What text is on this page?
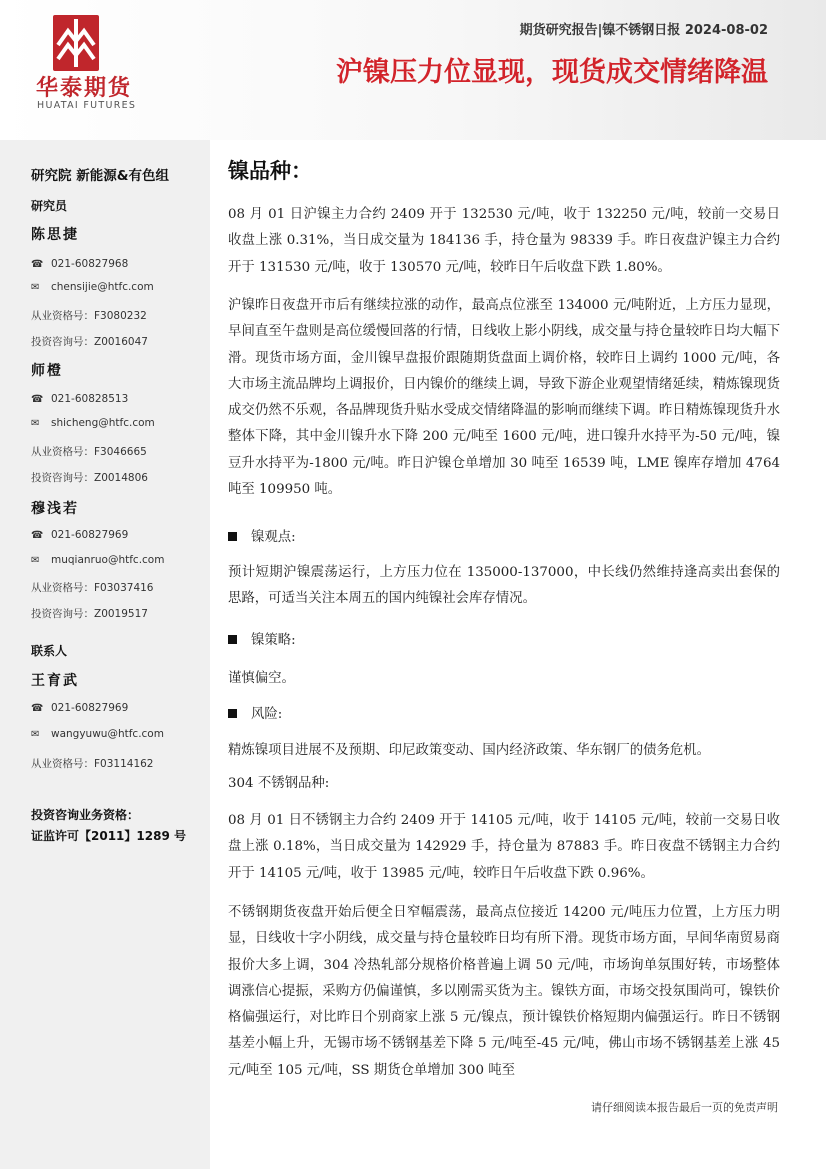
华泰期货
HUATAI FUTURES
期货研究报告|镍不锈钢日报 2024-08-02
沪镍压力位显现，现货成交情绪降温
研究院 新能源&有色组
研究员
陈思捷
☎ 021-60827968
✉ chensijie@htfc.com
从业资格号：F3080232
投资咨询号：Z0016047
师橙
☎ 021-60828513
✉ shicheng@htfc.com
从业资格号：F3046665
投资咨询号：Z0014806
穆浅若
☎ 021-60827969
✉ muqianruo@htfc.com
从业资格号：F03037416
投资咨询号：Z0019517
联系人
王育武
☎ 021-60827969
✉ wangyuwu@htfc.com
从业资格号：F03114162
投资咨询业务资格：
证监许可【2011】1289 号
镍品种：
08 月 01 日沪镍主力合约 2409 开于 132530 元/吨，收于 132250 元/吨，较前一交易日收盘上涨 0.31%，当日成交量为 184136 手，持仓量为 98339 手。昨日夜盘沪镍主力合约开于 131530 元/吨，收于 130570 元/吨，较昨日午后收盘下跌 1.80%。
沪镍昨日夜盘开市后有继续拉涨的动作，最高点位涨至 134000 元/吨附近，上方压力显现，早间直至午盘则是高位缓慢回落的行情，日线收上影小阴线，成交量与持仓量较昨日均大幅下滑。现货市场方面，金川镍早盘报价跟随期货盘面上调价格，较昨日上调约 1000 元/吨，各大市场主流品牌均上调报价，日内镍价的继续上调，导致下游企业观望情绪延续，精炼镍现货成交仍然不乐观，各品牌现货升贴水受成交情绪降温的影响而继续下调。昨日精炼镍现货升水整体下降，其中金川镍升水下降 200 元/吨至 1600 元/吨，进口镍升水持平为-50 元/吨，镍豆升水持平为-1800 元/吨。昨日沪镍仓单增加 30 吨至 16539 吨，LME 镍库存增加 4764 吨至 109950 吨。
镍观点:
预计短期沪镍震荡运行，上方压力位在 135000-137000，中长线仍然维持逢高卖出套保的思路，可适当关注本周五的国内纯镍社会库存情况。
镍策略:
谨慎偏空。
风险:
精炼镍项目进展不及预期、印尼政策变动、国内经济政策、华东钢厂的债务危机。
304 不锈钢品种:
08 月 01 日不锈钢主力合约 2409 开于 14105 元/吨，收于 14105 元/吨，较前一交易日收盘上涨 0.18%，当日成交量为 142929 手，持仓量为 87883 手。昨日夜盘不锈钢主力合约开于 14105 元/吨，收于 13985 元/吨，较昨日午后收盘下跌 0.96%。
不锈钢期货夜盘开始后便全日窄幅震荡，最高点位接近 14200 元/吨压力位置，上方压力明显，日线收十字小阴线，成交量与持仓量较昨日均有所下滑。现货市场方面，早间华南贸易商报价大多上调，304 冷热轧部分规格价格普遍上调 50 元/吨，市场询单氛围好转，市场整体调涨信心提振，采购方仍偏谨慎，多以刚需买货为主。镍铁方面，市场交投氛围尚可，镍铁价格偏强运行，对比昨日个别商家上涨 5 元/镍点，预计镍铁价格短期内偏强运行。昨日不锈钢基差小幅上升，无锡市场不锈钢基差下降 5 元/吨至-45 元/吨，佛山市场不锈钢基差上涨 45 元/吨至 105 元/吨，SS 期货仓单增加 300 吨至
请仔细阅读本报告最后一页的免责声明
